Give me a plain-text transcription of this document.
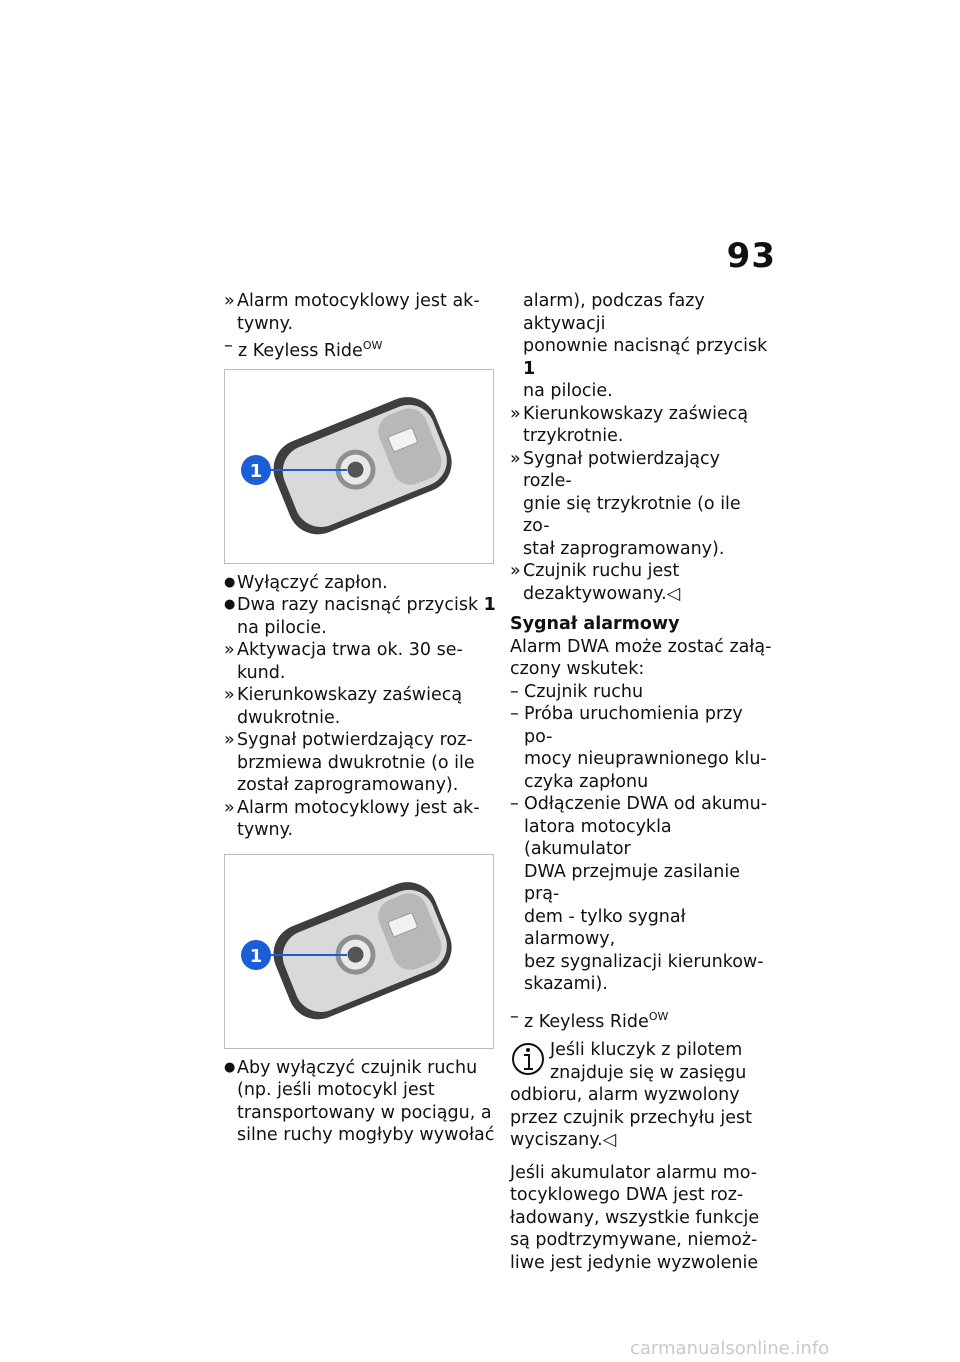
93
» Alarm motocyklowy jest ak-
tywny.
– z Keyless Ride$^{OW}$
1
● Wyłączyć zapłon.
● Dwa razy nacisnąć przycisk 1
na pilocie.
» Aktywacja trwa ok. 30 se-
kund.
» Kierunkowskazy zaświecą
dwukrotnie.
» Sygnał potwierdzający roz-
brzmiewa dwukrotnie (o ile
został zaprogramowany).
» Alarm motocyklowy jest ak-
tywny.
1
● Aby wyłączyć czujnik ruchu
(np. jeśli motocykl jest
transportowany w pociągu, a
silne ruchy mogłyby wywołać
alarm), podczas fazy aktywacji
ponownie nacisnąć przycisk 1
na pilocie.
» Kierunkowskazy zaświecą
trzykrotnie.
» Sygnał potwierdzający rozle-
gnie się trzykrotnie (o ile zo-
stał zaprogramowany).
» Czujnik ruchu jest
dezaktywowany.◁
Sygnał alarmowy
Alarm DWA może zostać załą-
czony wskutek:
– Czujnik ruchu
– Próba uruchomienia przy po-
mocy nieuprawnionego klu-
czyka zapłonu
– Odłączenie DWA od akumu-
latora motocykla (akumulator
DWA przejmuje zasilanie prą-
dem - tylko sygnał alarmowy,
bez sygnalizacji kierunkow-
skazami).
– z Keyless Ride$^{OW}$
Jeśli kluczyk z pilotem
znajduje się w zasięgu
odbioru, alarm wyzwolony
przez czujnik przechyłu jest
wyciszany.◁
Jeśli akumulator alarmu mo-
tocyklowego DWA jest roz-
ładowany, wszystkie funkcje
są podtrzymywane, niemoż-
liwe jest jedynie wyzwolenie
carmanualsonline.info
